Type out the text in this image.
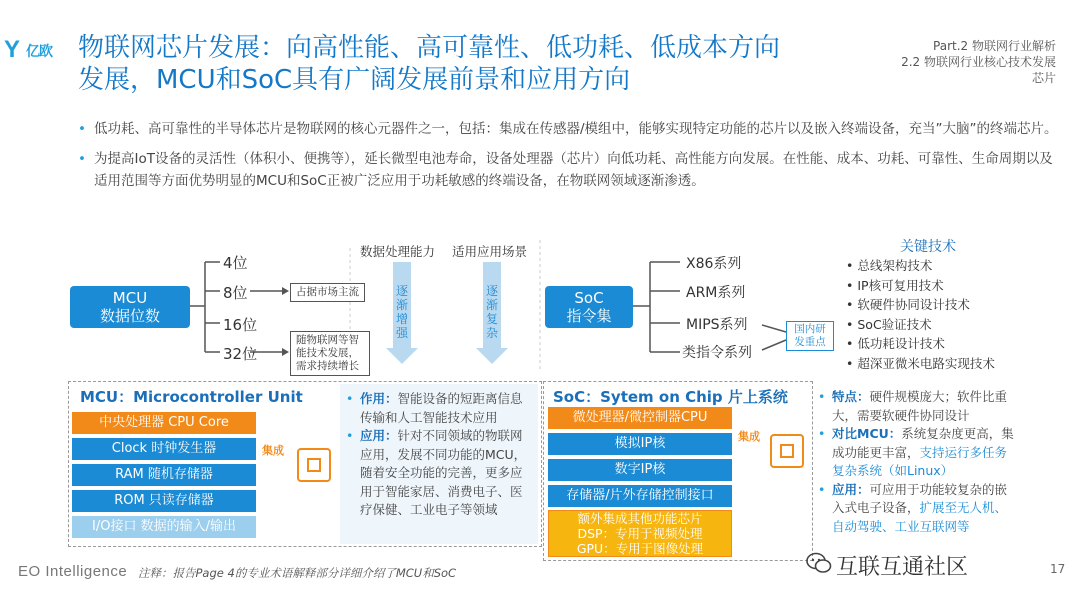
Y 亿欧 物联网芯片发展：向高性能、高可靠性、低功耗、低成本方向
发展，MCU和SoC具有广阔发展前景和应用方向
Part.2 物联网行业解析
2.2 物联网行业核心技术发展
芯片
• 低功耗、高可靠性的半导体芯片是物联网的核心元器件之一，包括：集成在传感器/模组中，能够实现特定功能的芯片以及嵌入终端设备，充当”大脑”的终端芯片。
• 为提高IoT设备的灵活性（体积小、便携等），延长微型电池寿命，设备处理器（芯片）向低功耗、高性能方向发展。在性能、成本、功耗、可靠性、生命周期以及适用范围等方面优势明显的MCU和SoC正被广泛应用于功耗敏感的终端设备，在物联网领域逐渐渗透。
MCU
数据位数
4位
8位
16位
32位
占据市场主流
随物联网等智能技术发展，需求持续增长
数据处理能力 适用应用场景
逐渐增强
逐渐复杂
SoC
指令集
X86系列
ARM系列
MIPS系列
类指令系列
国内研发重点
关键技术
• 总线架构技术
• IP核可复用技术
• 软硬件协同设计技术
• SoC验证技术
• 低功耗设计技术
• 超深亚微米电路实现技术
MCU：Microcontroller Unit
中央处理器 CPU Core
Clock 时钟发生器
RAM 随机存储器
ROM 只读存储器
I/O接口 数据的输入/输出
集成
• 作用：智能设备的短距离信息传输和人工智能技术应用
• 应用：针对不同领域的物联网应用，发展不同功能的MCU，随着安全功能的完善，更多应用于智能家居、消费电子、医疗保健、工业电子等领域
SoC：Sytem on Chip 片上系统
微处理器/微控制器CPU
模拟IP核
数字IP核
存储器/片外存储控制接口
额外集成其他功能芯片
DSP：专用于视频处理
GPU：专用于图像处理
集成
• 特点：硬件规模庞大；软件比重大，需要软硬件协同设计
• 对比MCU：系统复杂度更高，集成功能更丰富，支持运行多任务复杂系统（如Linux）
• 应用：可应用于功能较复杂的嵌入式电子设备，扩展至无人机、自动驾驶、工业互联网等
EO Intelligence 注释：报告Page 4的专业术语解释部分详细介绍了MCU和SoC	互联互通社区	17
